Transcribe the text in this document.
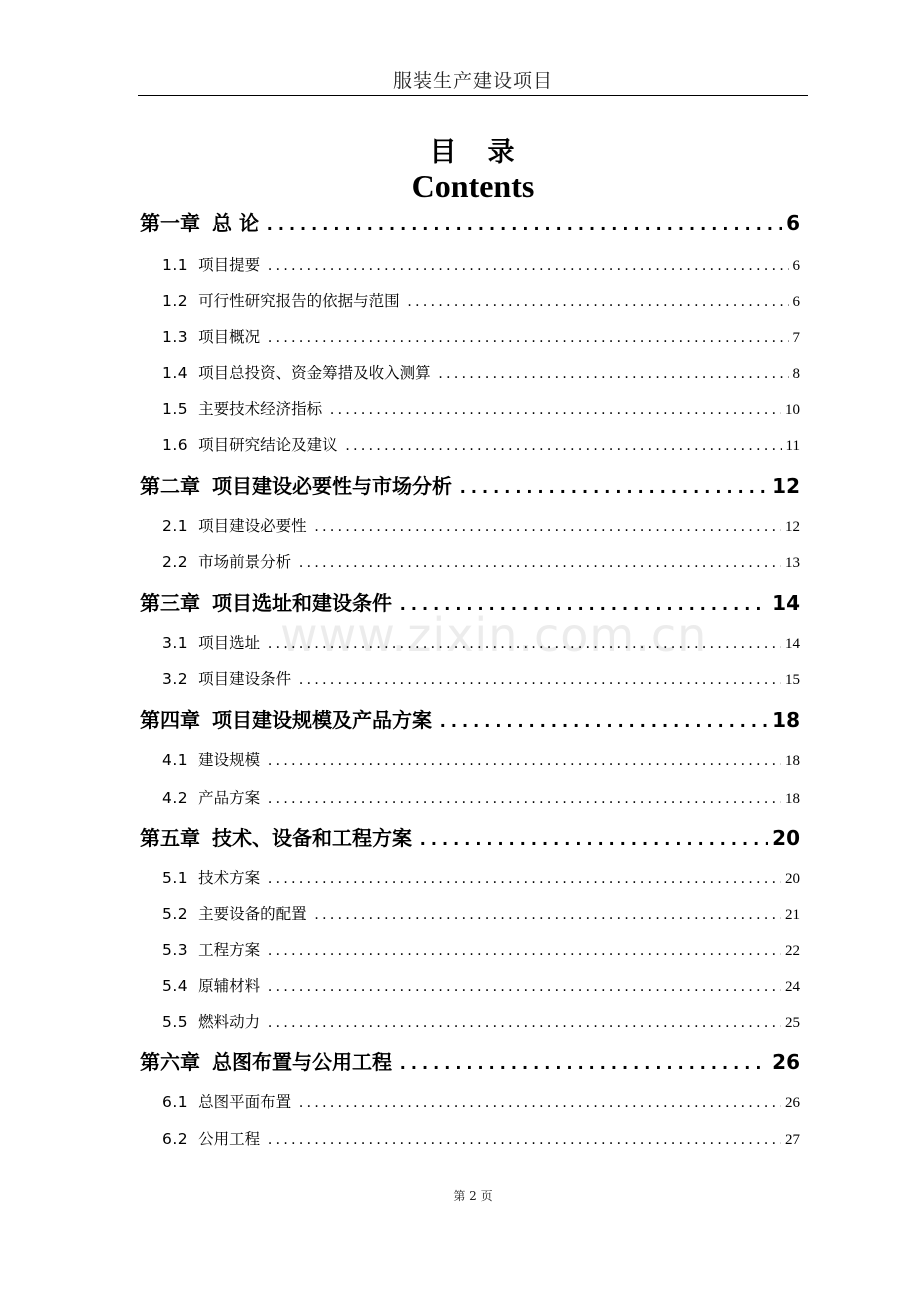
服装生产建设项目
目　录
Contents
www.zixin.com.cn
第一章 总 论 . . .	6
1.1 项目提要 . . .	6
1.2 可行性研究报告的依据与范围 . . .	6
1.3 项目概况 . . .	7
1.4 项目总投资、资金筹措及收入测算 . . .	8
1.5 主要技术经济指标 . . .	10
1.6 项目研究结论及建议 . . .	11
第二章 项目建设必要性与市场分析 . . .	12
2.1 项目建设必要性 . . .	12
2.2 市场前景分析 . . .	13
第三章 项目选址和建设条件 . . .	14
3.1 项目选址 . . .	14
3.2 项目建设条件 . . .	15
第四章 项目建设规模及产品方案 . . .	18
4.1 建设规模 . . .	18
4.2 产品方案 . . .	18
第五章 技术、设备和工程方案 . . .	20
5.1 技术方案 . . .	20
5.2 主要设备的配置 . . .	21
5.3 工程方案 . . .	22
5.4 原辅材料 . . .	24
5.5 燃料动力 . . .	25
第六章 总图布置与公用工程 . . .	26
6.1 总图平面布置 . . .	26
6.2 公用工程 . . .	27
第 2 页
